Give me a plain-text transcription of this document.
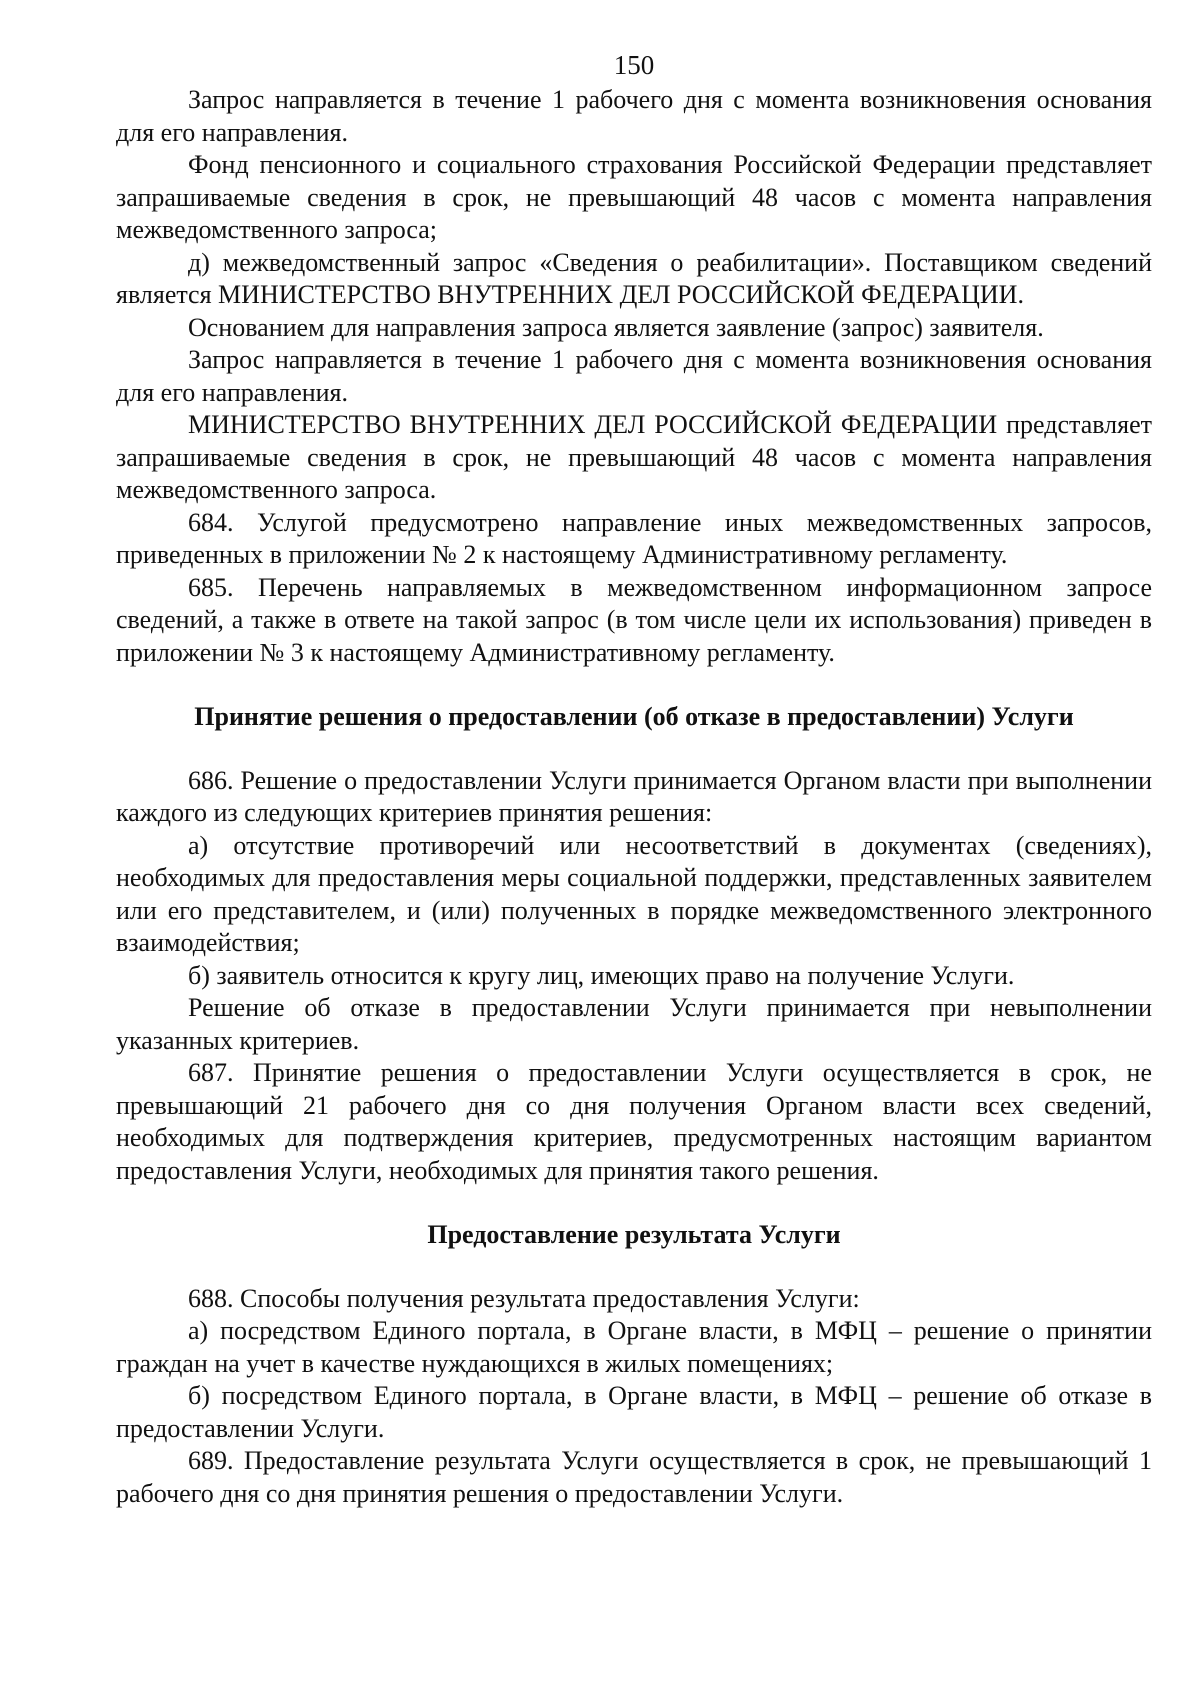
150

Запрос направляется в течение 1 рабочего дня с момента возникновения основания для его направления.

Фонд пенсионного и социального страхования Российской Федерации представляет запрашиваемые сведения в срок, не превышающий 48 часов с момента направления межведомственного запроса;

д) межведомственный запрос «Сведения о реабилитации». Поставщиком сведений является МИНИСТЕРСТВО ВНУТРЕННИХ ДЕЛ РОССИЙСКОЙ ФЕДЕРАЦИИ.

Основанием для направления запроса является заявление (запрос) заявителя.

Запрос направляется в течение 1 рабочего дня с момента возникновения основания для его направления.

МИНИСТЕРСТВО ВНУТРЕННИХ ДЕЛ РОССИЙСКОЙ ФЕДЕРАЦИИ представляет запрашиваемые сведения в срок, не превышающий 48 часов с момента направления межведомственного запроса.

684. Услугой предусмотрено направление иных межведомственных запросов, приведенных в приложении № 2 к настоящему Административному регламенту.

685. Перечень направляемых в межведомственном информационном запросе сведений, а также в ответе на такой запрос (в том числе цели их использования) приведен в приложении № 3 к настоящему Административному регламенту.

Принятие решения о предоставлении (об отказе в предоставлении) Услуги

686. Решение о предоставлении Услуги принимается Органом власти при выполнении каждого из следующих критериев принятия решения:

а) отсутствие противоречий или несоответствий в документах (сведениях), необходимых для предоставления меры социальной поддержки, представленных заявителем или его представителем, и (или) полученных в порядке межведомственного электронного взаимодействия;

б) заявитель относится к кругу лиц, имеющих право на получение Услуги.

Решение об отказе в предоставлении Услуги принимается при невыполнении указанных критериев.

687. Принятие решения о предоставлении Услуги осуществляется в срок, не превышающий 21 рабочего дня со дня получения Органом власти всех сведений, необходимых для подтверждения критериев, предусмотренных настоящим вариантом предоставления Услуги, необходимых для принятия такого решения.

Предоставление результата Услуги

688. Способы получения результата предоставления Услуги:

а) посредством Единого портала, в Органе власти, в МФЦ – решение о принятии граждан на учет в качестве нуждающихся в жилых помещениях;

б) посредством Единого портала, в Органе власти, в МФЦ – решение об отказе в предоставлении Услуги.

689. Предоставление результата Услуги осуществляется в срок, не превышающий 1 рабочего дня со дня принятия решения о предоставлении Услуги.
